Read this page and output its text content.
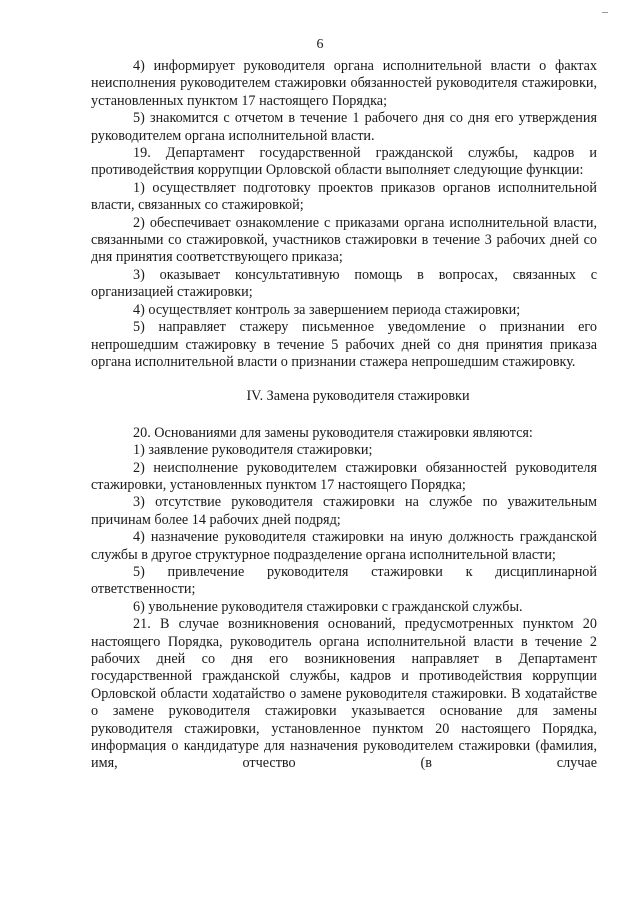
6

4) информирует руководителя органа исполнительной власти о фактах неисполнения руководителем стажировки обязанностей руководителя стажировки, установленных пунктом 17 настоящего Порядка;

5) знакомится с отчетом в течение 1 рабочего дня со дня его утверждения руководителем органа исполнительной власти.

19. Департамент государственной гражданской службы, кадров и противодействия коррупции Орловской области выполняет следующие функции:

1) осуществляет подготовку проектов приказов органов исполнительной власти, связанных со стажировкой;

2) обеспечивает ознакомление с приказами органа исполнительной власти, связанными со стажировкой, участников стажировки в течение 3 рабочих дней со дня принятия соответствующего приказа;

3) оказывает консультативную помощь в вопросах, связанных с организацией стажировки;

4) осуществляет контроль за завершением периода стажировки;

5) направляет стажеру письменное уведомление о признании его непрошедшим стажировку в течение 5 рабочих дней со дня принятия приказа органа исполнительной власти о признании стажера непрошедшим стажировку.

IV. Замена руководителя стажировки

20. Основаниями для замены руководителя стажировки являются:

1) заявление руководителя стажировки;

2) неисполнение руководителем стажировки обязанностей руководителя стажировки, установленных пунктом 17 настоящего Порядка;

3) отсутствие руководителя стажировки на службе по уважительным причинам более 14 рабочих дней подряд;

4) назначение руководителя стажировки на иную должность гражданской службы в другое структурное подразделение органа исполнительной власти;

5) привлечение руководителя стажировки к дисциплинарной ответственности;

6) увольнение руководителя стажировки с гражданской службы.

21. В случае возникновения оснований, предусмотренных пунктом 20 настоящего Порядка, руководитель органа исполнительной власти в течение 2 рабочих дней со дня его возникновения направляет в Департамент государственной гражданской службы, кадров и противодействия коррупции Орловской области ходатайство о замене руководителя стажировки. В ходатайстве о замене руководителя стажировки указывается основание для замены руководителя стажировки, установленное пунктом 20 настоящего Порядка, информация о кандидатуре для назначения руководителем стажировки (фамилия, имя, отчество (в случае
